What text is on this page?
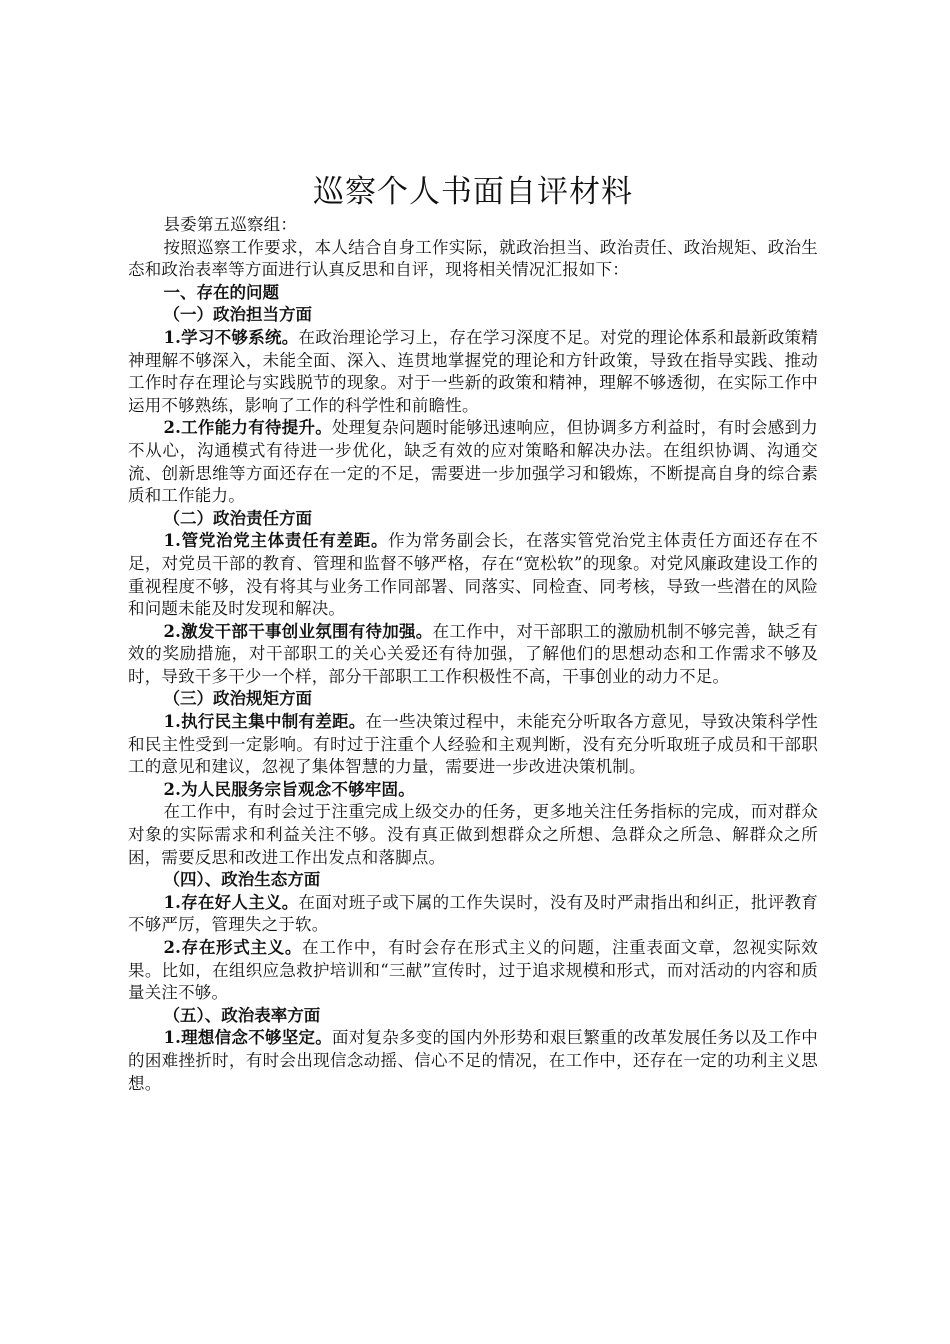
巡察个人书面自评材料

县委第五巡察组：

按照巡察工作要求，本人结合自身工作实际，就政治担当、政治责任、政治规矩、政治生态和政治表率等方面进行认真反思和自评，现将相关情况汇报如下：

一、存在的问题

（一）政治担当方面

1.学习不够系统。在政治理论学习上，存在学习深度不足。对党的理论体系和最新政策精神理解不够深入，未能全面、深入、连贯地掌握党的理论和方针政策，导致在指导实践、推动工作时存在理论与实践脱节的现象。对于一些新的政策和精神，理解不够透彻，在实际工作中运用不够熟练，影响了工作的科学性和前瞻性。

2.工作能力有待提升。处理复杂问题时能够迅速响应，但协调多方利益时，有时会感到力不从心，沟通模式有待进一步优化，缺乏有效的应对策略和解决办法。在组织协调、沟通交流、创新思维等方面还存在一定的不足，需要进一步加强学习和锻炼，不断提高自身的综合素质和工作能力。

（二）政治责任方面

1.管党治党主体责任有差距。作为常务副会长，在落实管党治党主体责任方面还存在不足，对党员干部的教育、管理和监督不够严格，存在“宽松软”的现象。对党风廉政建设工作的重视程度不够，没有将其与业务工作同部署、同落实、同检查、同考核，导致一些潜在的风险和问题未能及时发现和解决。

2.激发干部干事创业氛围有待加强。在工作中，对干部职工的激励机制不够完善，缺乏有效的奖励措施，对干部职工的关心关爱还有待加强，了解他们的思想动态和工作需求不够及时，导致干多干少一个样，部分干部职工工作积极性不高，干事创业的动力不足。

（三）政治规矩方面

1.执行民主集中制有差距。在一些决策过程中，未能充分听取各方意见，导致决策科学性和民主性受到一定影响。有时过于注重个人经验和主观判断，没有充分听取班子成员和干部职工的意见和建议，忽视了集体智慧的力量，需要进一步改进决策机制。

2.为人民服务宗旨观念不够牢固。

在工作中，有时会过于注重完成上级交办的任务，更多地关注任务指标的完成，而对群众对象的实际需求和利益关注不够。没有真正做到想群众之所想、急群众之所急、解群众之所困，需要反思和改进工作出发点和落脚点。

（四）、政治生态方面

1.存在好人主义。在面对班子或下属的工作失误时，没有及时严肃指出和纠正，批评教育不够严厉，管理失之于软。

2.存在形式主义。在工作中，有时会存在形式主义的问题，注重表面文章，忽视实际效果。比如，在组织应急救护培训和“三献”宣传时，过于追求规模和形式，而对活动的内容和质量关注不够。

（五）、政治表率方面

1.理想信念不够坚定。面对复杂多变的国内外形势和艰巨繁重的改革发展任务以及工作中的困难挫折时，有时会出现信念动摇、信心不足的情况，在工作中，还存在一定的功利主义思想。
